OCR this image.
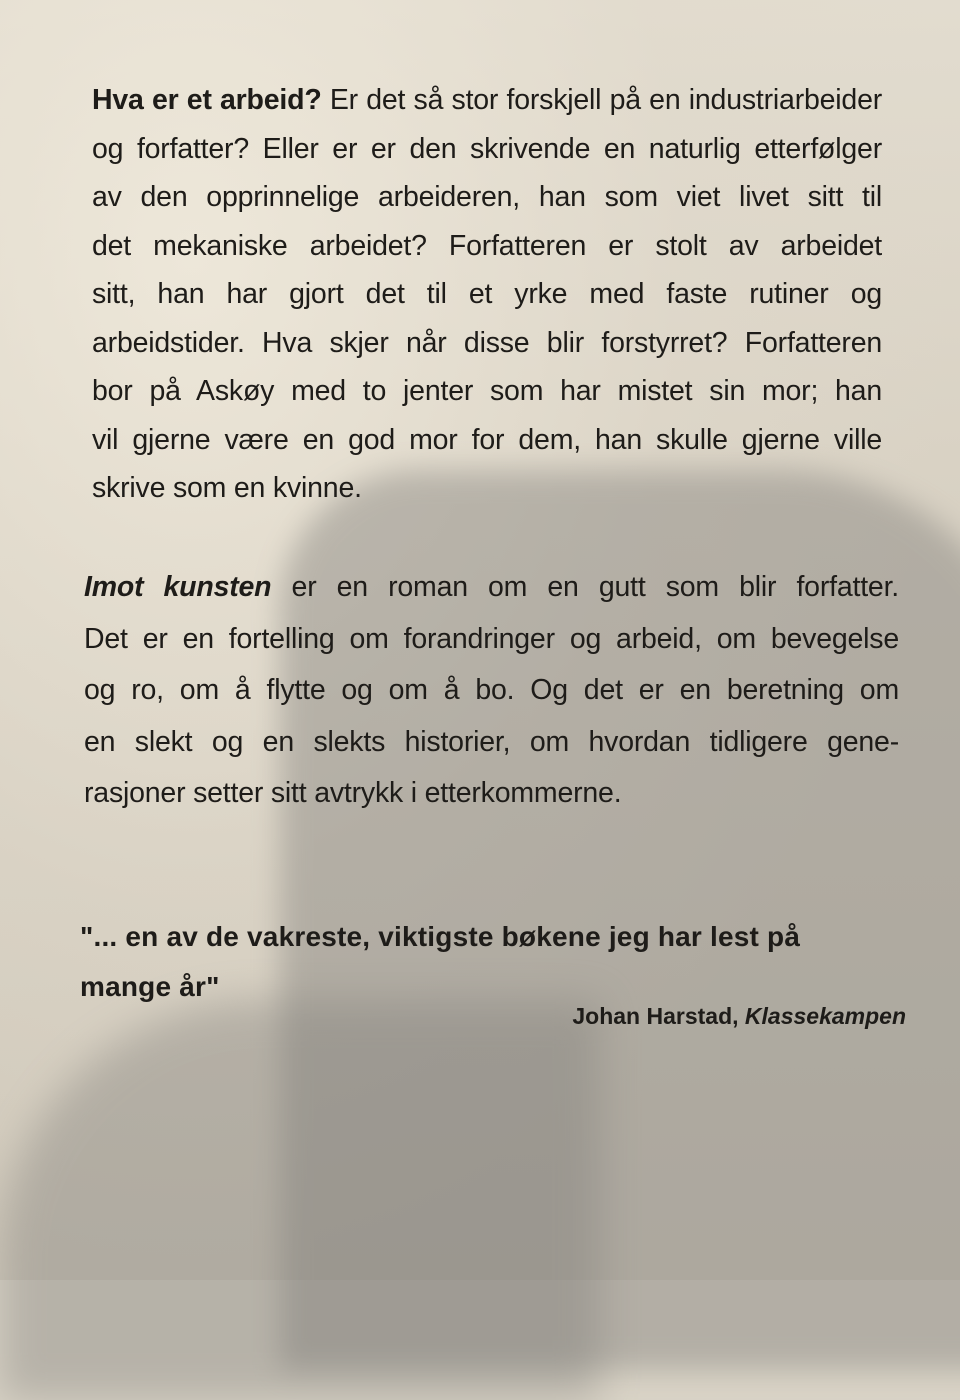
Hva er et arbeid? Er det så stor forskjell på en industriarbeider
og forfatter? Eller er er den skrivende en naturlig etterfølger
av den opprinnelige arbeideren, han som viet livet sitt til
det mekaniske arbeidet? Forfatteren er stolt av arbeidet
sitt, han har gjort det til et yrke med faste rutiner og
arbeidstider. Hva skjer når disse blir forstyrret? Forfatteren
bor på Askøy med to jenter som har mistet sin mor; han
vil gjerne være en god mor for dem, han skulle gjerne ville
skrive som en kvinne.

Imot kunsten er en roman om en gutt som blir forfatter.
Det er en fortelling om forandringer og arbeid, om bevegelse
og ro, om å flytte og om å bo. Og det er en beretning om
en slekt og en slekts historier, om hvordan tidligere gene-
rasjoner setter sitt avtrykk i etterkommerne.

"... en av de vakreste, viktigste bøkene jeg har lest på
mange år"

Johan Harstad, Klassekampen
